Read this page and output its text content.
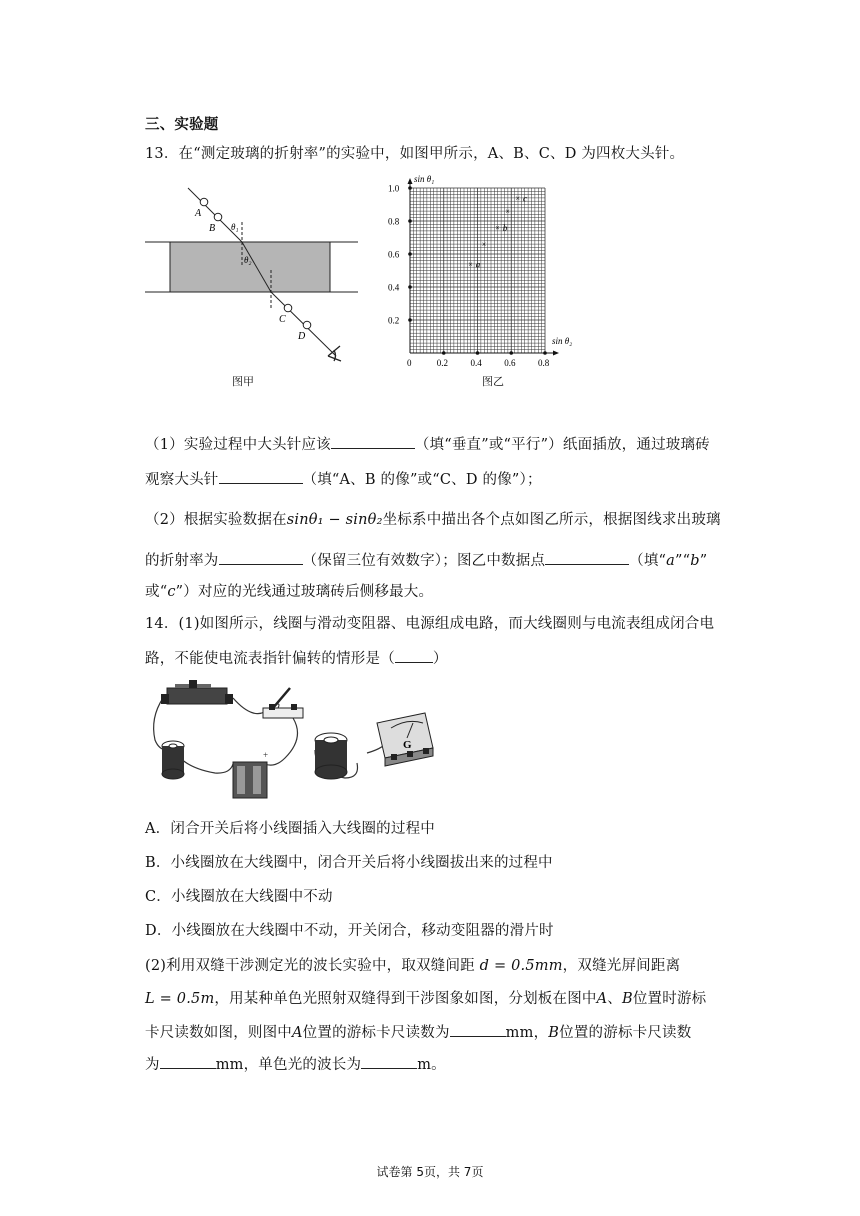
三、实验题
13．在“测定玻璃的折射率”的实验中，如图甲所示，A、B、C、D 为四枚大头针。
A
B
C
D
θ₁
θ₂
图甲
sin θ₁
sin θ₂
1.0
0.8
0.6
0.4
0.2
0	0.2	0.4	0.6	0.8
× a
×
× b
×
× c
图乙
（1）实验过程中大头针应该	（填“垂直”或“平行”）纸面插放，通过玻璃砖
观察大头针	（填“A、B 的像”或“C、D 的像”）；
（2）根据实验数据在sinθ₁ − sinθ₂坐标系中描出各个点如图乙所示，根据图线求出玻璃
的折射率为	（保留三位有效数字）；图乙中数据点	（填“a”“b”
或“c”）对应的光线通过玻璃砖后侧移最大。
14．(1)如图所示，线圈与滑动变阻器、电源组成电路，而大线圈则与电流表组成闭合电
路，不能使电流表指针偏转的情形是（	）
+
G
A．闭合开关后将小线圈插入大线圈的过程中
B．小线圈放在大线圈中，闭合开关后将小线圈拔出来的过程中
C．小线圈放在大线圈中不动
D．小线圈放在大线圈中不动，开关闭合，移动变阻器的滑片时
(2)利用双缝干涉测定光的波长实验中，取双缝间距 d = 0.5mm，双缝光屏间距离
L = 0.5m，用某种单色光照射双缝得到干涉图象如图，分划板在图中A、B位置时游标
卡尺读数如图，则图中A位置的游标卡尺读数为	mm，B位置的游标卡尺读数
为	mm，单色光的波长为	m。
试卷第 5页，共 7页
